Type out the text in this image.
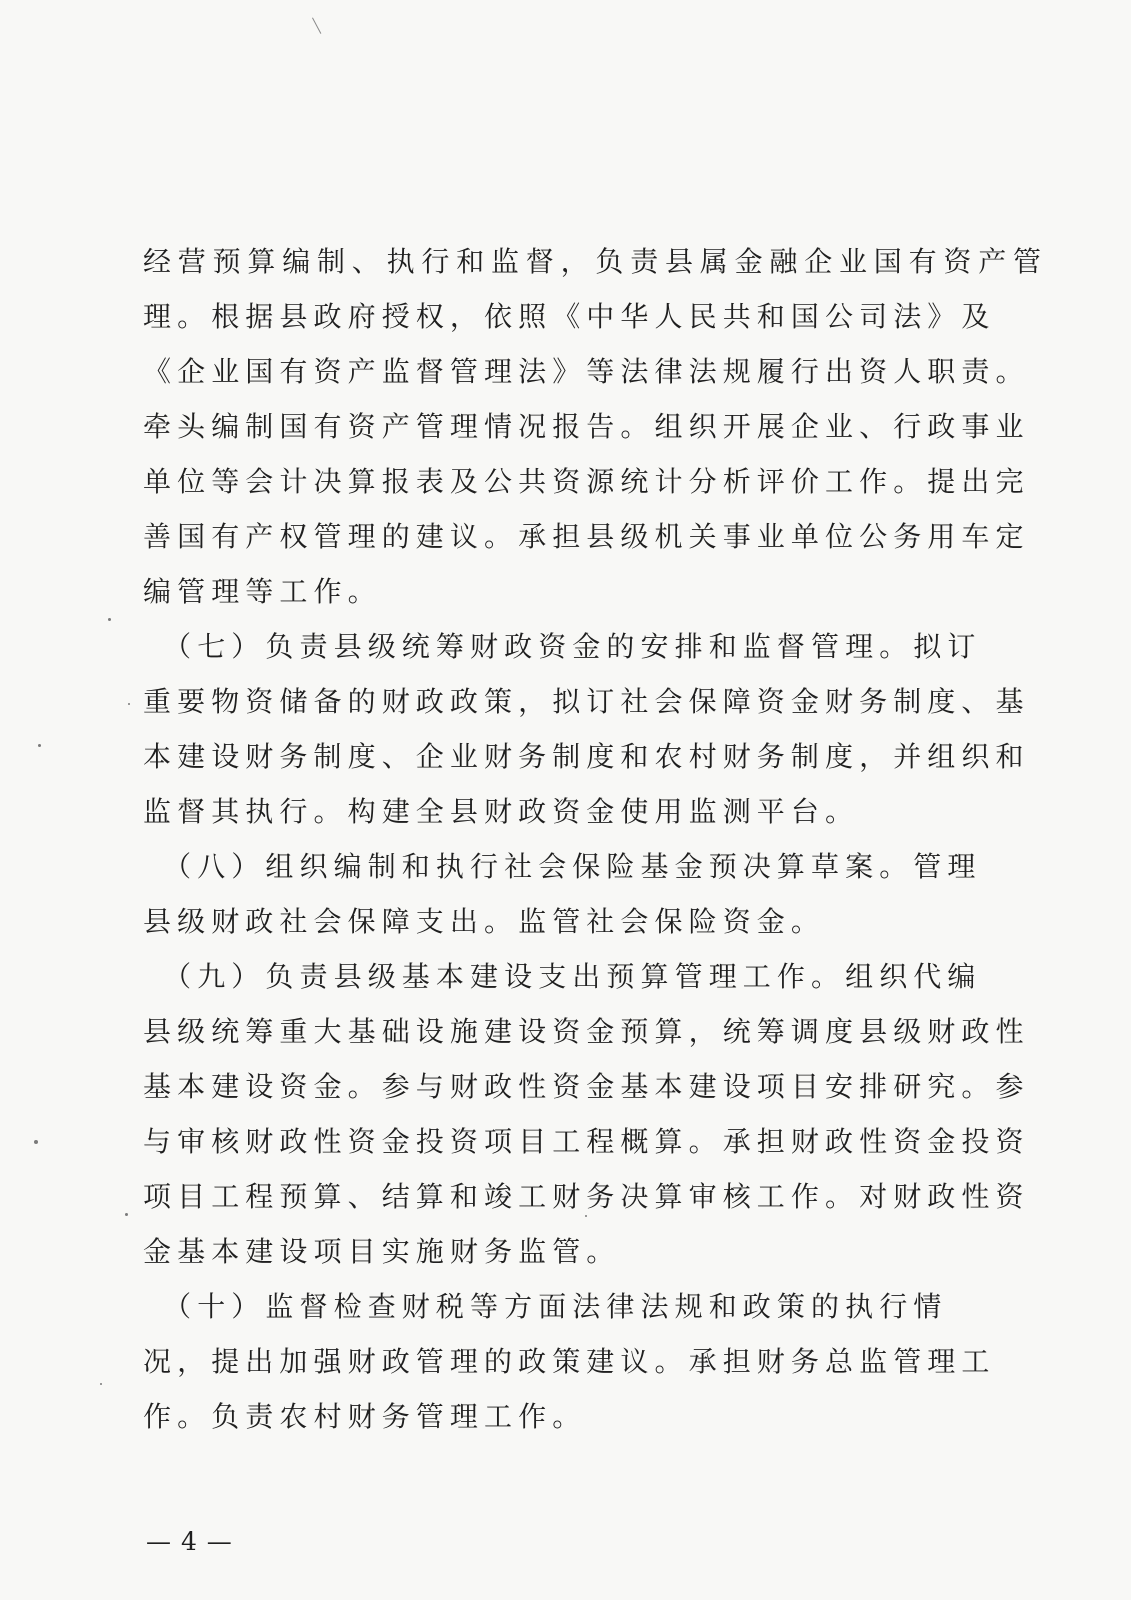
经营预算编制、执行和监督，负责县属金融企业国有资产管
理。根据县政府授权，依照《中华人民共和国公司法》及
《企业国有资产监督管理法》等法律法规履行出资人职责。
牵头编制国有资产管理情况报告。组织开展企业、行政事业
单位等会计决算报表及公共资源统计分析评价工作。提出完
善国有产权管理的建议。承担县级机关事业单位公务用车定
编管理等工作。
　（七）负责县级统筹财政资金的安排和监督管理。拟订
重要物资储备的财政政策，拟订社会保障资金财务制度、基
本建设财务制度、企业财务制度和农村财务制度，并组织和
监督其执行。构建全县财政资金使用监测平台。
　（八）组织编制和执行社会保险基金预决算草案。管理
县级财政社会保障支出。监管社会保险资金。
　（九）负责县级基本建设支出预算管理工作。组织代编
县级统筹重大基础设施建设资金预算，统筹调度县级财政性
基本建设资金。参与财政性资金基本建设项目安排研究。参
与审核财政性资金投资项目工程概算。承担财政性资金投资
项目工程预算、结算和竣工财务决算审核工作。对财政性资
金基本建设项目实施财务监管。
　（十）监督检查财税等方面法律法规和政策的执行情
况，提出加强财政管理的政策建议。承担财务总监管理工
作。负责农村财务管理工作。
— 4 —
